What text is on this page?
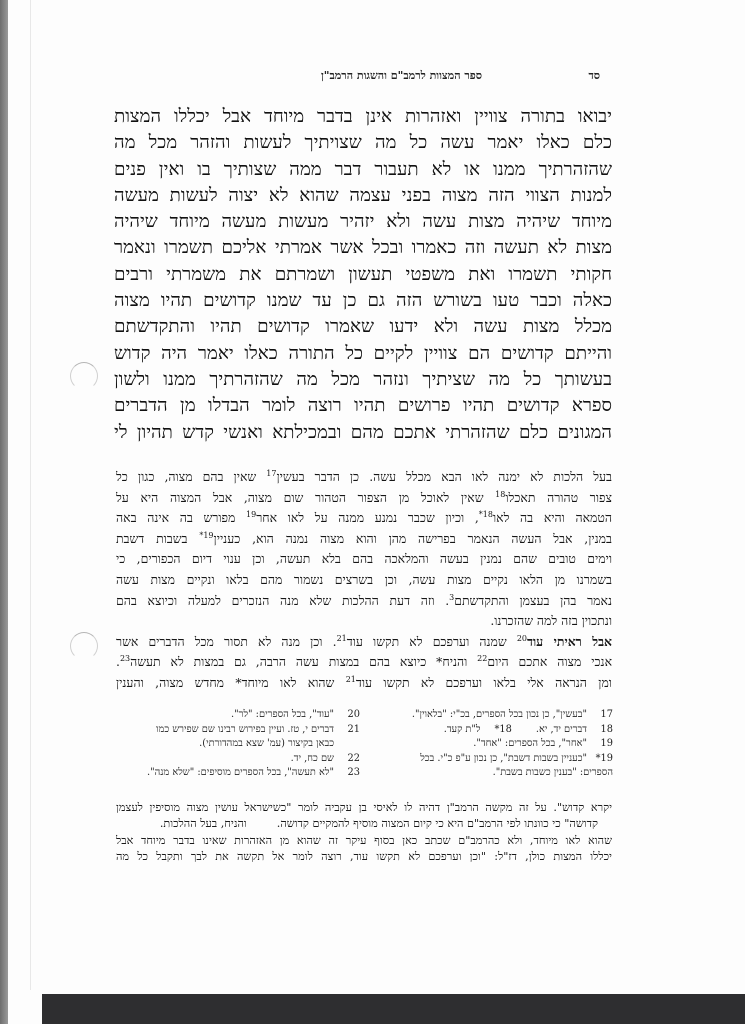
סד
ספר המצוות לרמב"ם והשגות הרמב"ן
יבואו בתורה צוויין ואזהרות אינן בדבר מיוחד אבל יכללו המצות
כלם כאלו יאמר עשה כל מה שצויתיך לעשות והזהר מכל מה
שהזהרתיך ממנו או לא תעבור דבר ממה שצותיך בו ואין פנים
למנות הצווי הזה מצוה בפני עצמה שהוא לא יצוה לעשות מעשה
מיוחד שיהיה מצות עשה ולא יזהיר מעשות מעשה מיוחד שיהיה
מצות לא תעשה וזה כאמרו ובכל אשר אמרתי אליכם תשמרו ונאמר
חקותי תשמרו ואת משפטי תעשון ושמרתם את משמרתי ורבים
כאלה וכבר טעו בשורש הזה גם כן עד שמנו קדושים תהיו מצוה
מכלל מצות עשה ולא ידעו שאמרו קדושים תהיו והתקדשתם
והייתם קדושים הם צוויין לקיים כל התורה כאלו יאמר היה קדוש
בעשותך כל מה שציתיך ונזהר מכל מה שהזהרתיך ממנו ולשון
ספרא קדושים תהיו פרושים תהיו רוצה לומר הבדלו מן הדברים
המגונים כלם שהזהרתי אתכם מהם ובמכילתא ואנשי קדש תהיון לי
בעל הלכות לא ימנה לאו הבא מכלל עשה. כן הדבר בעשין$^{17}$ שאין בהם מצוה, כגון כל
צפור טהורה תאכלו$^{18}$ שאין לאוכל מן הצפור הטהור שום מצוה, אבל המצוה היא על
הטמאה והיא בה לאו$^{18*}$, וכיון שכבר נמנע ממנה על לאו אחר$^{19}$ מפורש בה אינה באה
במנין, אבל העשה הנאמר בפרישה מהן והוא מצוה נמנה הוא, כעניין$^{19*}$ בשבות דשבת
וימים טובים שהם נמנין בעשה והמלאכה בהם בלא תעשה, וכן ענוי דיום הכפורים, כי
בשמרנו מן הלאו נקיים מצות עשה, וכן בשרצים נשמור מהם בלאו ונקיים מצות עשה
נאמר בהן בעצמן והתקדשתם$^3$. וזה דעת ההלכות שלא מנה הנזכרים למעלה וכיוצא בהם
ונתכוין בזה למה שהזכרנו.
אבל ראיתי עוד$^{20}$ שמנה וערפכם לא תקשו עוד$^{21}$. וכן מנה לא תסור מכל הדברים אשר
אנכי מצוה אתכם היום$^{22}$ והניח* כיוצא בהם במצות עשה הרבה, גם במצות לא תעשה$^{23}$.
ומן הנראה אלי בלאו וערפכם לא תקשו עוד$^{21}$ שהוא לאו מיוחד* מחדש מצוה, והענין
17
"בעשין", כן נכון בכל הספרים, בכ"י: "בלאוין".
18
דברים יד, יא.
18*
ל"ת קעד.
19
"אחר", בכל הספרים: "אחד".
19*
"כעניין בשבות דשבת", כן נכון ע"פ כ"י. בכל
הספרים: "בענין כשבות בשבת".
20
"עוד", בכל הספרים: "לר".
21
דברים י, טז. ועיין בפירוש רבינו שם שפירש כמו
כבאן בקיצור (עמ' שצא במהדורתי).
22
שם כח, יד.
23
"לא תעשה", בכל הספרים מוסיפים: "שלא מנה".
יקרא קדוש". על זה מקשה הרמב"ן דהיה לו לאיסי בן עקביה לומר "כשישראל עושין מצוה מוסיפין לעצמן
קדושה" כי כוונתו לפי הרמב"ם היא כי קיום המצוה מוסיף להמקיים קדושה.והניח, בעל ההלכות.
שהוא לאו מיוחד, ולא כהרמב"ם שכתב כאן בסוף עיקר זה שהוא מן האזהרות שאינו בדבר מיוחד אבל
יכללו המצות כולן, דז"ל: "וכן וערפכם לא תקשו עוד, רוצה לומר אל תקשה את לבך ותקבל כל מה
